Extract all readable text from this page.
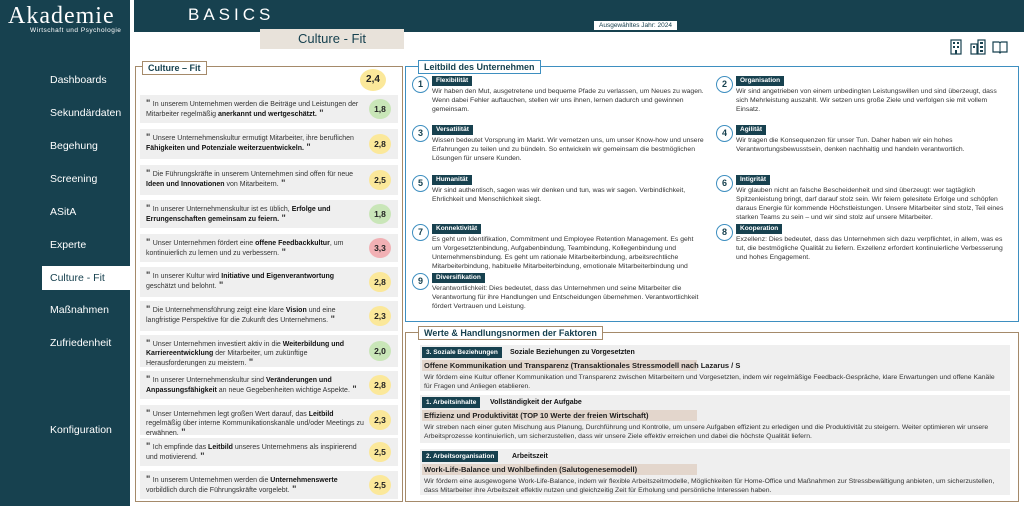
Akademie
Wirtschaft und Psychologie
Dashboards
Sekundärdaten
Begehung
Screening
ASitA
Experte
Culture - Fit
Maßnahmen
Zufriedenheit
Konfiguration
BASICS
Ausgewähltes Jahr: 2024
Culture - Fit
Culture – Fit
2,4
" In unserem Unternehmen werden die Beiträge und Leistungen der Mitarbeiter regelmäßig anerkannt und wertgeschätzt. "	1,8
" Unsere Unternehmenskultur ermutigt Mitarbeiter, ihre beruflichen Fähigkeiten und Potenziale weiterzuentwickeln. "	2,8
" Die Führungskräfte in unserem Unternehmen sind offen für neue Ideen und Innovationen von Mitarbeitern. "	2,5
" In unserer Unternehmenskultur ist es üblich, Erfolge und Errungenschaften gemeinsam zu feiern. "	1,8
" Unser Unternehmen fördert eine offene Feedbackkultur, um kontinuierlich zu lernen und zu verbessern. "	3,3
" In unserer Kultur wird Initiative und Eigenverantwortung geschätzt und belohnt. "	2,8
" Die Unternehmensführung zeigt eine klare Vision und eine langfristige Perspektive für die Zukunft des Unternehmens. "	2,3
" Unser Unternehmen investiert aktiv in die Weiterbildung und Karriereentwicklung der Mitarbeiter, um zukünftige Herausforderungen zu meistern. "
2,0
" In unserer Unternehmenskultur sind Veränderungen und Anpassungsfähigkeit an neue Gegebenheiten wichtige Aspekte. "	2,8
" Unser Unternehmen legt großen Wert darauf, das Leitbild regelmäßig über interne Kommunikationskanäle und/oder Meetings zu erwähnen. "
2,3
" Ich empfinde das Leitbild unseres Unternehmens als inspirierend und motivierend. "	2,5
" In unserem Unternehmen werden die Unternehmenswerte vorbildlich durch die Führungskräfte vorgelebt. "	2,5
Leitbild des Unternehmen
1	Flexibilität
Wir haben den Mut, ausgetretene und bequeme Pfade zu verlassen, um Neues zu wagen. Wenn dabei Fehler auftauchen, stellen wir uns ihnen, lernen dadurch und gewinnen gemeinsam.
2	Organisation
Wir sind angetrieben von einem unbedingten Leistungswillen und sind überzeugt, dass sich Mehrleistung auszahlt. Wir setzen uns große Ziele und verfolgen sie mit vollem Einsatz.
3	Versatilität
Wissen bedeutet Vorsprung im Markt. Wir vernetzen uns, um unser Know-how und unsere Erfahrungen zu teilen und zu bündeln. So entwickeln wir gemeinsam die bestmöglichen Lösungen für unsere Kunden.
4	Agilität
Wir tragen die Konsequenzen für unser Tun. Daher haben wir ein hohes Verantwortungsbewusstsein, denken nachhaltig und handeln verantwortlich.
5	Humanität
Wir sind authentisch, sagen was wir denken und tun, was wir sagen. Verbindlichkeit, Ehrlichkeit und Menschlichkeit siegt.
6	Intigrität
Wir glauben nicht an falsche Bescheidenheit und sind überzeugt: wer tagtäglich Spitzenleistung bringt, darf darauf stolz sein. Wir feiern gelesitete Erfolge und schöpfen daraus Energie für kommende Höchstleistungen. Unsere Mitarbeiter sind stolz, Teil eines starken Teams zu sein – und wir sind stolz auf unsere Mitarbeiter.
7	Konnektivität
Es geht um Identifikation, Commitment und Employee Retention Management. Es geht um Vorgesetztenbindung, Aufgabenbindung, Teambindung, Kollegenbindung und Unternehmensbindung. Es geht um rationale Mitarbeiterbindung, arbeitsrechtliche Mitarbeiterbindung, habituelle Mitarbeiterbindung, emotionale Mitarbeiterbindung und
8	Kooperation
Exzellenz: Dies bedeutet, dass das Unternehmen sich dazu verpflichtet, in allem, was es tut, die bestmögliche Qualität zu liefern. Exzellenz erfordert kontinuierliche Verbesserung und hohes Engagement.
9	Diversifikation
Verantwortlichkeit: Dies bedeutet, dass das Unternehmen und seine Mitarbeiter die Verantwortung für ihre Handlungen und Entscheidungen übernehmen. Verantwortlichkeit fördert Vertrauen und Leistung.
Werte & Handlungsnormen der Faktoren
3. Soziale Beziehungen	Soziale Beziehungen zu Vorgesetzten
Offene Kommunikation und Transparenz (Transaktionales Stressmodell nach Lazarus / S
Wir fördern eine Kultur offener Kommunikation und Transparenz zwischen Mitarbeitern und Vorgesetzten, indem wir regelmäßige Feedback-Gespräche, klare Erwartungen und offene Kanäle für Fragen und Anliegen etablieren.
1. Arbeitsinhalte	Vollständigkeit der Aufgabe
Effizienz und Produktivität (TOP 10 Werte der freien Wirtschaft)
Wir streben nach einer guten Mischung aus Planung, Durchführung und Kontrolle, um unsere Aufgaben effizient zu erledigen und die Produktivität zu steigern. Weiter optimieren wir unsere Arbeitsprozesse kontinuierlich, um sicherzustellen, dass wir unsere Ziele effektiv erreichen und dabei die höchste Qualität liefern.
2. Arbeitsorganisation	Arbeitszeit
Work-Life-Balance und Wohlbefinden (Salutogenesemodell)
Wir fördern eine ausgewogene Work-Life-Balance, indem wir flexible Arbeitszeitmodelle, Möglichkeiten für Home-Office und Maßnahmen zur Stressbewältigung anbieten, um sicherzustellen, dass Mitarbeiter ihre Arbeitszeit effektiv nutzen und gleichzeitig Zeit für Erholung und persönliche Interessen haben.
